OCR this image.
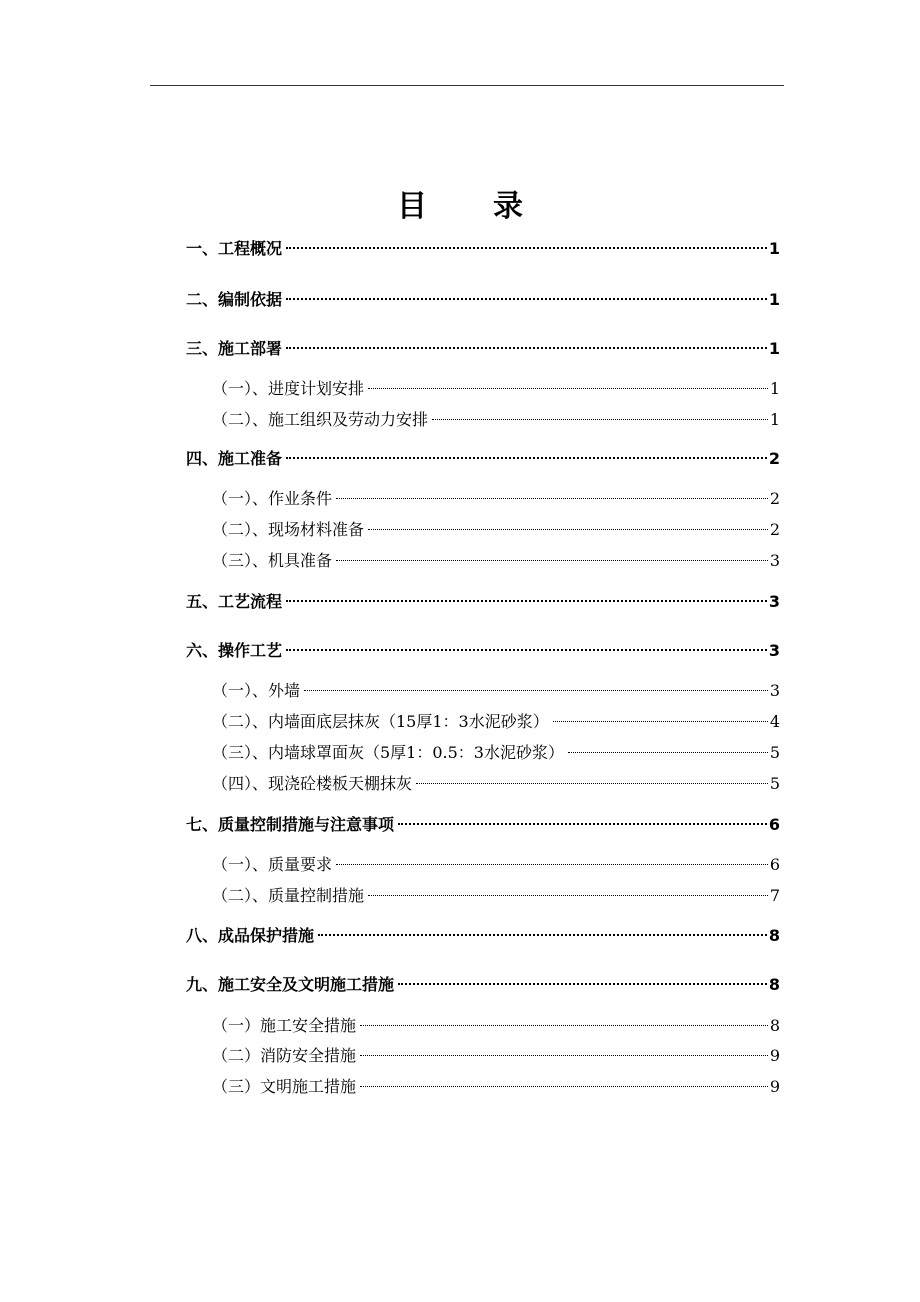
目 录
一、工程概况	1
二、编制依据	1
三、施工部署	1
（一）、进度计划安排	1
（二）、施工组织及劳动力安排	1
四、施工准备	2
（一）、作业条件	2
（二）、现场材料准备	2
（三）、机具准备	3
五、工艺流程	3
六、操作工艺	3
（一）、外墙	3
（二）、内墙面底层抹灰（15厚1：3水泥砂浆）	4
（三）、内墙球罩面灰（5厚1：0.5：3水泥砂浆）	5
（四）、现浇砼楼板天棚抹灰	5
七、质量控制措施与注意事项	6
（一）、质量要求	6
（二）、质量控制措施	7
八、成品保护措施	8
九、施工安全及文明施工措施	8
（一）施工安全措施	8
（二）消防安全措施	9
（三）文明施工措施	9
